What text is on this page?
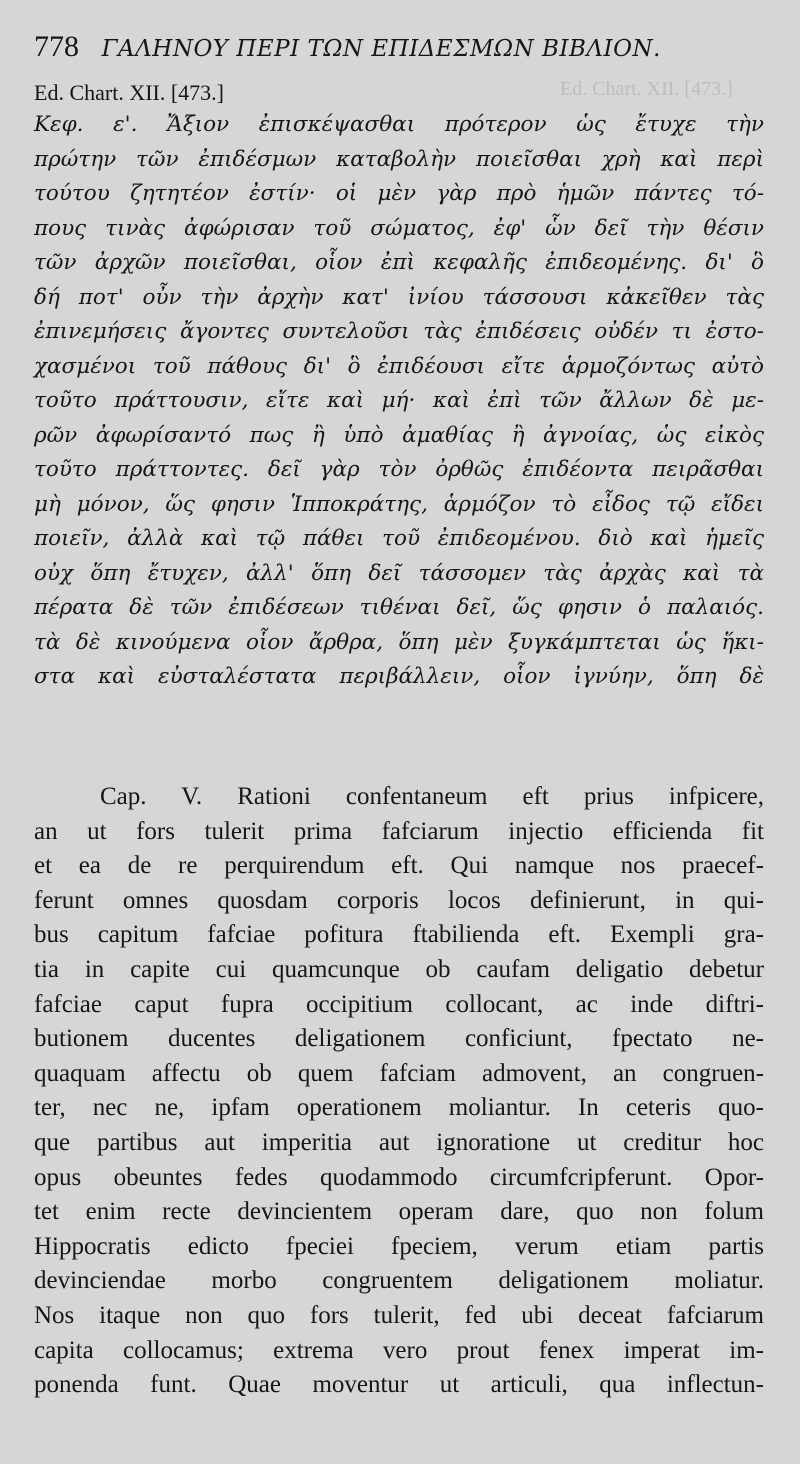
Ed. Chart. XII. [473.]
778 ΓΑΛΗΝΟΥ ΠΕΡΙ ΤΩΝ ΕΠΙΔΕΣΜΩΝ ΒΙΒΛΙΟΝ.
Ed. Chart. XII. [473.]
Κεφ. ε'. Ἄξιον ἐπισκέψασθαι πρότερον ὡς ἔτυχε τὴν
πρώτην τῶν ἐπιδέσμων καταβολὴν ποιεῖσθαι χρὴ καὶ περὶ
τούτου ζητητέον ἐστίν· οἱ μὲν γὰρ πρὸ ἡμῶν πάντες τό-
πους τινὰς ἀφώρισαν τοῦ σώματος, ἐφ' ὧν δεῖ τὴν θέσιν
τῶν ἀρχῶν ποιεῖσθαι, οἷον ἐπὶ κεφαλῆς ἐπιδεομένης. δι' ὃ
δή ποτ' οὖν τὴν ἀρχὴν κατ' ἰνίου τάσσουσι κἀκεῖθεν τὰς
ἐπινεμήσεις ἄγοντες συντελοῦσι τὰς ἐπιδέσεις οὐδέν τι ἐστο-
χασμένοι τοῦ πάθους δι' ὃ ἐπιδέουσι εἴτε ἁρμοζόντως αὐτὸ
τοῦτο πράττουσιν, εἴτε καὶ μή· καὶ ἐπὶ τῶν ἄλλων δὲ με-
ρῶν ἀφωρίσαντό πως ἢ ὑπὸ ἀμαθίας ἢ ἀγνοίας, ὡς εἰκὸς
τοῦτο πράττοντες. δεῖ γὰρ τὸν ὀρθῶς ἐπιδέοντα πειρᾶσθαι
μὴ μόνον, ὥς φησιν Ἱπποκράτης, ἁρμόζον τὸ εἶδος τῷ εἴδει
ποιεῖν, ἀλλὰ καὶ τῷ πάθει τοῦ ἐπιδεομένου. διὸ καὶ ἡμεῖς
οὐχ ὅπη ἔτυχεν, ἀλλ' ὅπη δεῖ τάσσομεν τὰς ἀρχὰς καὶ τὰ
πέρατα δὲ τῶν ἐπιδέσεων τιθέναι δεῖ, ὥς φησιν ὁ παλαιός.
τὰ δὲ κινούμενα οἷον ἄρθρα, ὅπη μὲν ξυγκάμπτεται ὡς ἥκι-
στα καὶ εὐσταλέστατα περιβάλλειν, οἷον ἰγνύην, ὅπη δὲ
Cap. V. Rationi confentaneum eft prius infpicere,
an ut fors tulerit prima fafciarum injectio efficienda fit
et ea de re perquirendum eft. Qui namque nos praecef-
ferunt omnes quosdam corporis locos definierunt, in qui-
bus capitum fafciae pofitura ftabilienda eft. Exempli gra-
tia in capite cui quamcunque ob caufam deligatio debetur
fafciae caput fupra occipitium collocant, ac inde diftri-
butionem ducentes deligationem conficiunt, fpectato ne-
quaquam affectu ob quem fafciam admovent, an congruen-
ter, nec ne, ipfam operationem moliantur. In ceteris quo-
que partibus aut imperitia aut ignoratione ut creditur hoc
opus obeuntes fedes quodammodo circumfcripferunt. Opor-
tet enim recte devincientem operam dare, quo non folum
Hippocratis edicto fpeciei fpeciem, verum etiam partis
devinciendae morbo congruentem deligationem moliatur.
Nos itaque non quo fors tulerit, fed ubi deceat fafciarum
capita collocamus; extrema vero prout fenex imperat im-
ponenda funt. Quae moventur ut articuli, qua inflectun-
